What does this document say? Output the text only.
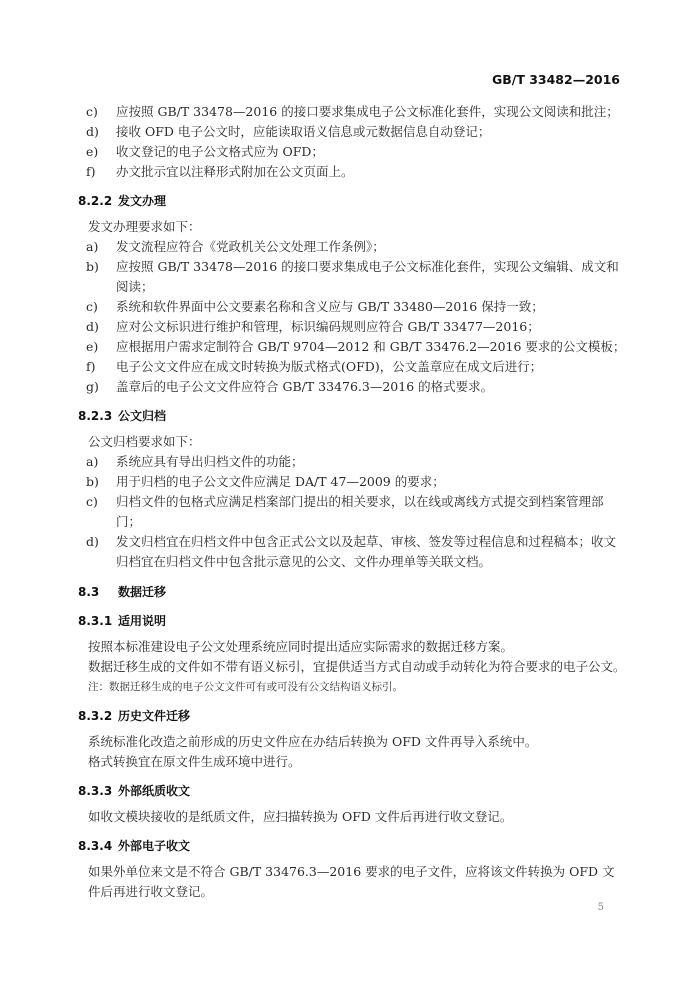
GB/T 33482—2016
c)	应按照 GB/T 33478—2016 的接口要求集成电子公文标准化套件，实现公文阅读和批注；
d)	接收 OFD 电子公文时，应能读取语义信息或元数据信息自动登记；
e)	收文登记的电子公文格式应为 OFD；
f)	办文批示宜以注释形式附加在公文页面上。
8.2.2 发文办理
发文办理要求如下：
a)	发文流程应符合《党政机关公文处理工作条例》；
b)	应按照 GB/T 33478—2016 的接口要求集成电子公文标准化套件，实现公文编辑、成文和阅读；
c)	系统和软件界面中公文要素名称和含义应与 GB/T 33480—2016 保持一致；
d)	应对公文标识进行维护和管理，标识编码规则应符合 GB/T 33477—2016；
e)	应根据用户需求定制符合 GB/T 9704—2012 和 GB/T 33476.2—2016 要求的公文模板；
f)	电子公文文件应在成文时转换为版式格式(OFD)，公文盖章应在成文后进行；
g)	盖章后的电子公文文件应符合 GB/T 33476.3—2016 的格式要求。
8.2.3 公文归档
公文归档要求如下：
a)	系统应具有导出归档文件的功能；
b)	用于归档的电子公文文件应满足 DA/T 47—2009 的要求；
c)	归档文件的包格式应满足档案部门提出的相关要求，以在线或离线方式提交到档案管理部门；
d)	发文归档宜在归档文件中包含正式公文以及起草、审核、签发等过程信息和过程稿本；收文归档宜在归档文件中包含批示意见的公文、文件办理单等关联文档。
8.3 数据迁移
8.3.1 适用说明
按照本标准建设电子公文处理系统应同时提出适应实际需求的数据迁移方案。
数据迁移生成的文件如不带有语义标引，宜提供适当方式自动或手动转化为符合要求的电子公文。
注：数据迁移生成的电子公文文件可有或可没有公文结构语义标引。
8.3.2 历史文件迁移
系统标准化改造之前形成的历史文件应在办结后转换为 OFD 文件再导入系统中。
格式转换宜在原文件生成环境中进行。
8.3.3 外部纸质收文
如收文模块接收的是纸质文件，应扫描转换为 OFD 文件后再进行收文登记。
8.3.4 外部电子收文
如果外单位来文是不符合 GB/T 33476.3—2016 要求的电子文件，应将该文件转换为 OFD 文件后再进行收文登记。
5
